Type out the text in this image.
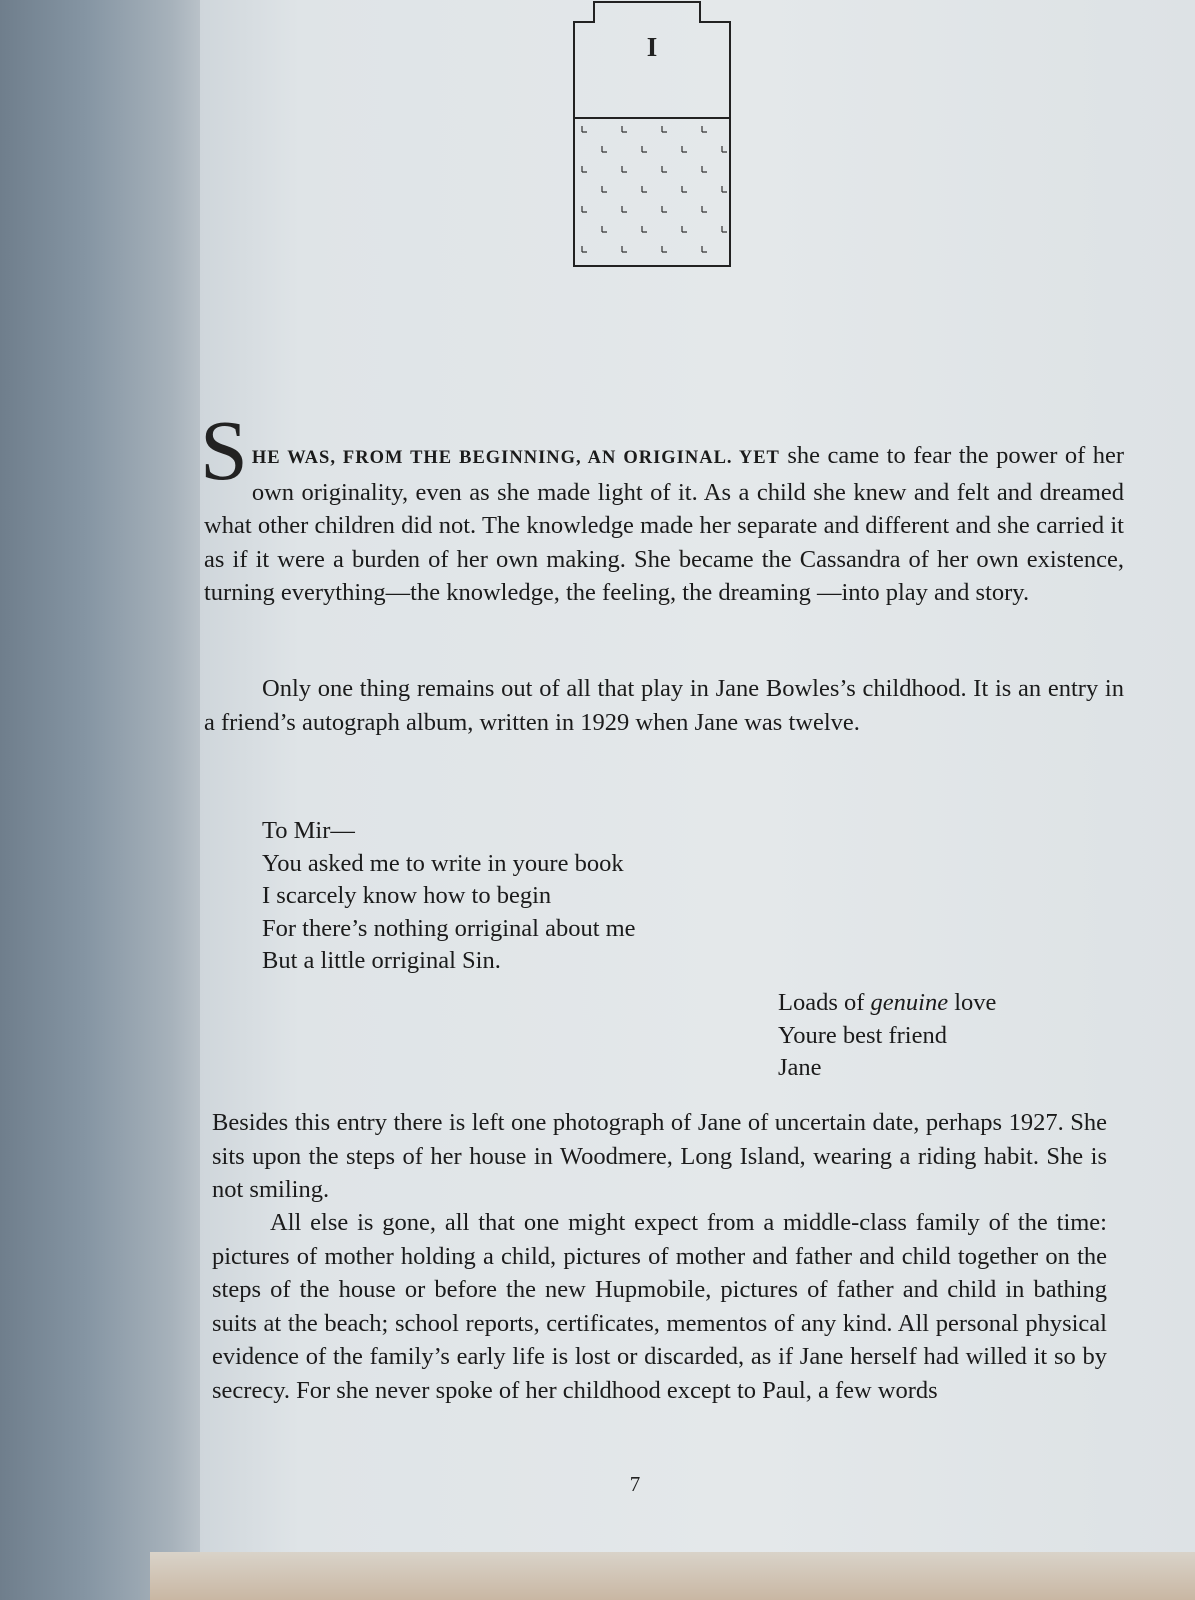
I
S HE WAS, FROM THE BEGINNING, AN ORIGINAL. YET she came to fear the power of her own originality, even as she made light of it. As a child she knew and felt and dreamed what other children did not. The knowledge made her separate and different and she carried it as if it were a burden of her own making. She became the Cassandra of her own existence, turning everything—the knowledge, the feeling, the dreaming —into play and story.
Only one thing remains out of all that play in Jane Bowles’s childhood. It is an entry in a friend’s autograph album, written in 1929 when Jane was twelve.
To Mir—
You asked me to write in youre book
I scarcely know how to begin
For there’s nothing orriginal about me
But a little orriginal Sin.
Loads of genuine love
Youre best friend
Jane
Besides this entry there is left one photograph of Jane of uncertain date, perhaps 1927. She sits upon the steps of her house in Woodmere, Long Island, wearing a riding habit. She is not smiling.
All else is gone, all that one might expect from a middle-class family of the time: pictures of mother holding a child, pictures of mother and father and child together on the steps of the house or before the new Hupmobile, pictures of father and child in bathing suits at the beach; school reports, certificates, mementos of any kind. All personal physical evidence of the family’s early life is lost or discarded, as if Jane herself had willed it so by secrecy. For she never spoke of her childhood except to Paul, a few words
7
